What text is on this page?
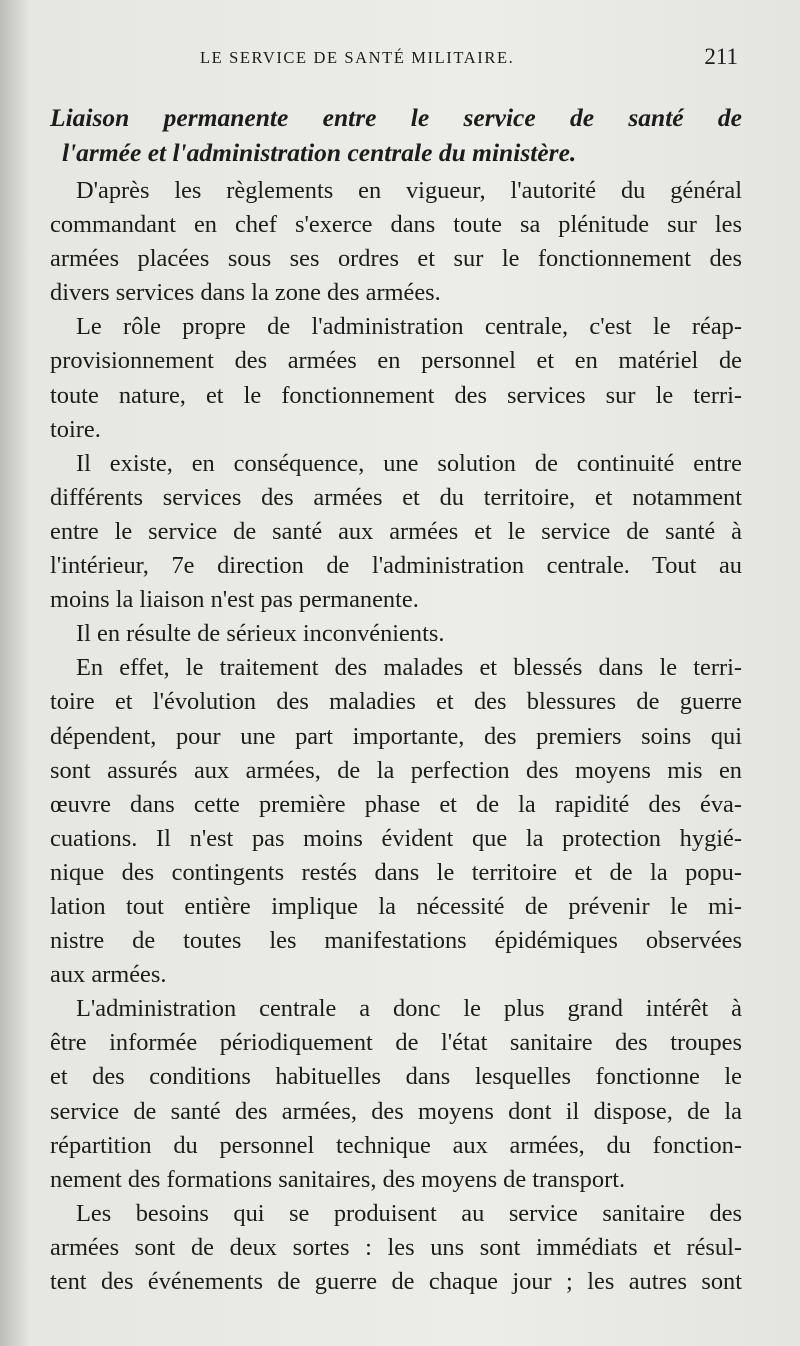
LE SERVICE DE SANTÉ MILITAIRE.	211
Liaison permanente entre le service de santé de
l'armée et l'administration centrale du ministère.

D'après les règlements en vigueur, l'autorité du général
commandant en chef s'exerce dans toute sa plénitude sur les
armées placées sous ses ordres et sur le fonctionnement des
divers services dans la zone des armées.

Le rôle propre de l'administration centrale, c'est le réap-
provisionnement des armées en personnel et en matériel de
toute nature, et le fonctionnement des services sur le terri-
toire.

Il existe, en conséquence, une solution de continuité entre
différents services des armées et du territoire, et notamment
entre le service de santé aux armées et le service de santé à
l'intérieur, 7e direction de l'administration centrale. Tout au
moins la liaison n'est pas permanente.

Il en résulte de sérieux inconvénients.

En effet, le traitement des malades et blessés dans le terri-
toire et l'évolution des maladies et des blessures de guerre
dépendent, pour une part importante, des premiers soins qui
sont assurés aux armées, de la perfection des moyens mis en
œuvre dans cette première phase et de la rapidité des éva-
cuations. Il n'est pas moins évident que la protection hygié-
nique des contingents restés dans le territoire et de la popu-
lation tout entière implique la nécessité de prévenir le mi-
nistre de toutes les manifestations épidémiques observées
aux armées.

L'administration centrale a donc le plus grand intérêt à
être informée périodiquement de l'état sanitaire des troupes
et des conditions habituelles dans lesquelles fonctionne le
service de santé des armées, des moyens dont il dispose, de la
répartition du personnel technique aux armées, du fonction-
nement des formations sanitaires, des moyens de transport.

Les besoins qui se produisent au service sanitaire des
armées sont de deux sortes : les uns sont immédiats et résul-
tent des événements de guerre de chaque jour ; les autres sont
